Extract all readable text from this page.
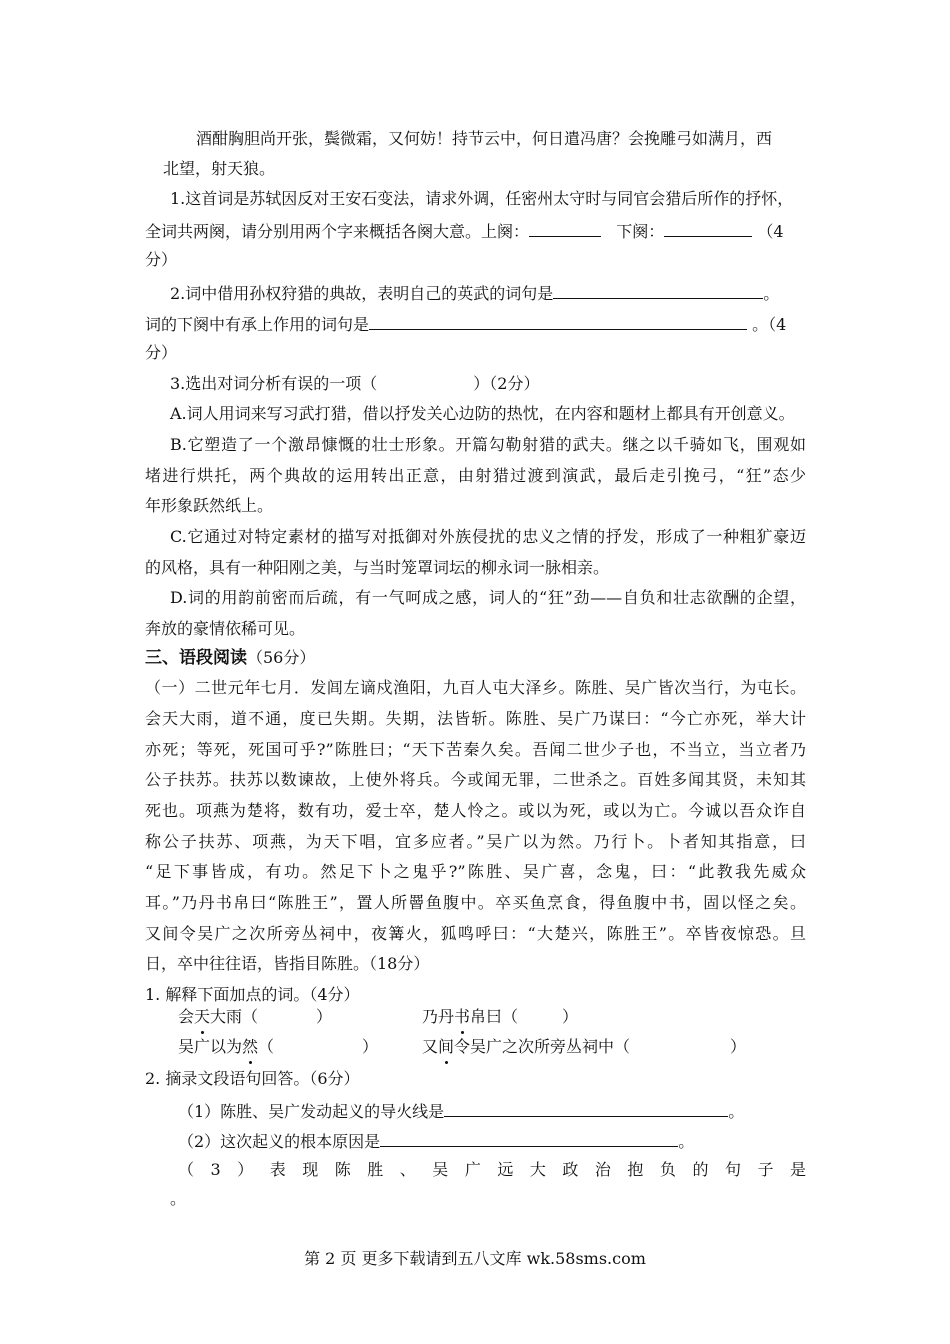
酒酣胸胆尚开张，鬓微霜，又何妨！持节云中，何日遣冯唐？会挽雕弓如满月，西
北望，射天狼。
1.这首词是苏轼因反对王安石变法，请求外调，任密州太守时与同官会猎后所作的抒怀，
全词共两阕，请分别用两个字来概括各阕大意。上阕：	下阕：	（4
分）
2.词中借用孙权狩猎的典故，表明自己的英武的词句是	。
词的下阕中有承上作用的词句是	。（4
分）
3.选出对词分析有误的一项（	）（2分）
A.词人用词来写习武打猎，借以抒发关心边防的热忱，在内容和题材上都具有开创意义。
B.它塑造了一个激昂慷慨的壮士形象。开篇勾勒射猎的武夫。继之以千骑如飞，围观如
堵进行烘托，两个典故的运用转出正意，由射猎过渡到演武，最后走引挽弓，“狂”态少
年形象跃然纸上。
C.它通过对特定素材的描写对抵御对外族侵扰的忠义之情的抒发，形成了一种粗犷豪迈
的风格，具有一种阳刚之美，与当时笼罩词坛的柳永词一脉相亲。
D.词的用韵前密而后疏，有一气呵成之感，词人的“狂”劲——自负和壮志欲酬的企望，
奔放的豪情依稀可见。
三、语段阅读（56分）
（一）二世元年七月．发闾左谪戍渔阳，九百人屯大泽乡。陈胜、吴广皆次当行，为屯长。
会天大雨，道不通，度已失期。失期，法皆斩。陈胜、吴广乃谋曰：“今亡亦死，举大计
亦死；等死，死国可乎?”陈胜曰；“天下苦秦久矣。吾闻二世少子也，不当立，当立者乃
公子扶苏。扶苏以数谏故，上使外将兵。今或闻无罪，二世杀之。百姓多闻其贤，未知其
死也。项燕为楚将，数有功，爱士卒，楚人怜之。或以为死，或以为亡。今诚以吾众诈自
称公子扶苏、项燕，为天下唱，宜多应者。”吴广以为然。乃行卜。卜者知其指意，曰
“足下事皆成，有功。然足下卜之鬼乎?”陈胜、吴广喜，念鬼，曰：“此教我先威众
耳。”乃丹书帛曰“陈胜王”，置人所罾鱼腹中。卒买鱼烹食，得鱼腹中书，固以怪之矣。
又间令吴广之次所旁丛祠中，夜篝火，狐鸣呼曰：“大楚兴，陈胜王”。卒皆夜惊恐。旦
日，卒中往往语，皆指目陈胜。（18分）
1. 解释下面加点的词。（4分）
会天大雨（	）	乃丹书帛曰（	）
吴广以为然（	）	又间令吴广之次所旁丛祠中（	）
2. 摘录文段语句回答。（6分）
（1）陈胜、吴广发动起义的导火线是	。
（2）这次起义的根本原因是	。
（3）表现陈胜、吴广远大政治抱负的句子是
。
第 2 页 更多下载请到五八文库 wk.58sms.com
